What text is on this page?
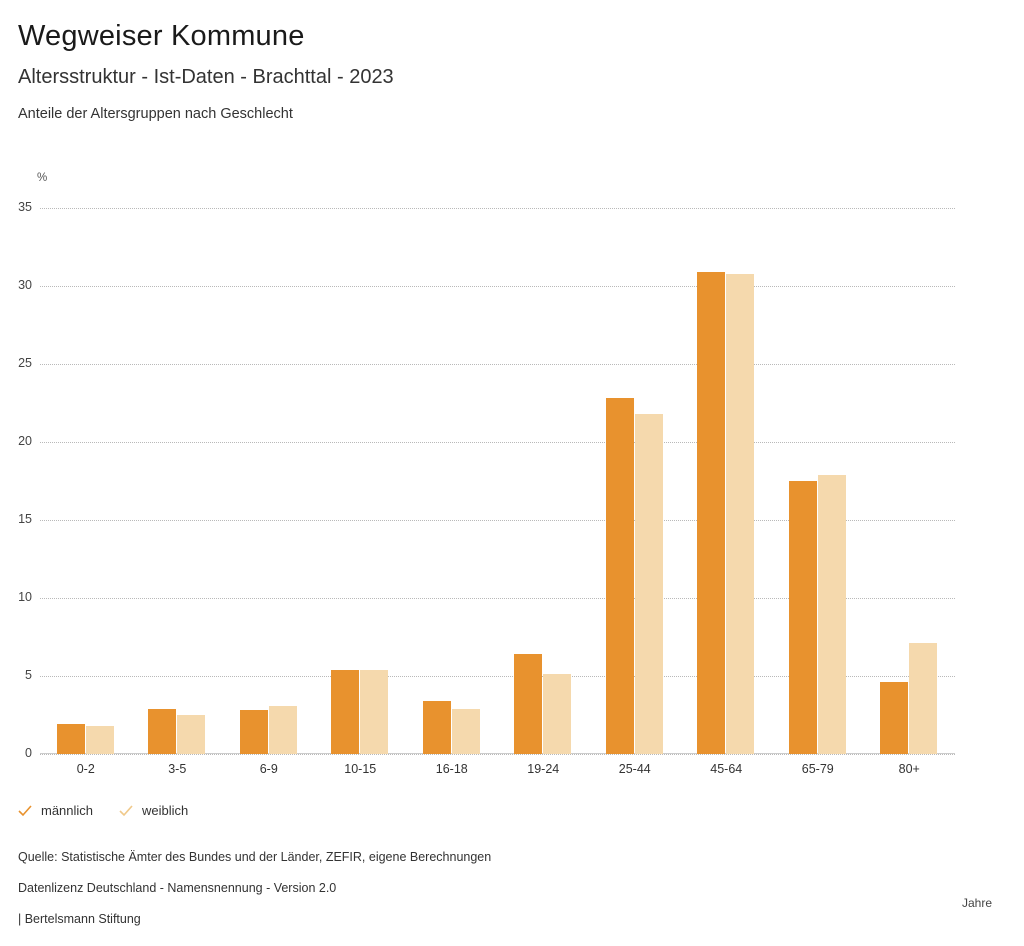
Wegweiser Kommune
Altersstruktur - Ist-Daten - Brachttal - 2023
Anteile der Altersgruppen nach Geschlecht
%
0
5
10
15
20
25
30
35
0-2	3-5	6-9	10-15	16-18	19-24	25-44	45-64	65-79	80+
Jahre
männlich	weiblich
Quelle: Statistische Ämter des Bundes und der Länder, ZEFIR, eigene Berechnungen
Datenlizenz Deutschland - Namensnennung - Version 2.0
| Bertelsmann Stiftung
